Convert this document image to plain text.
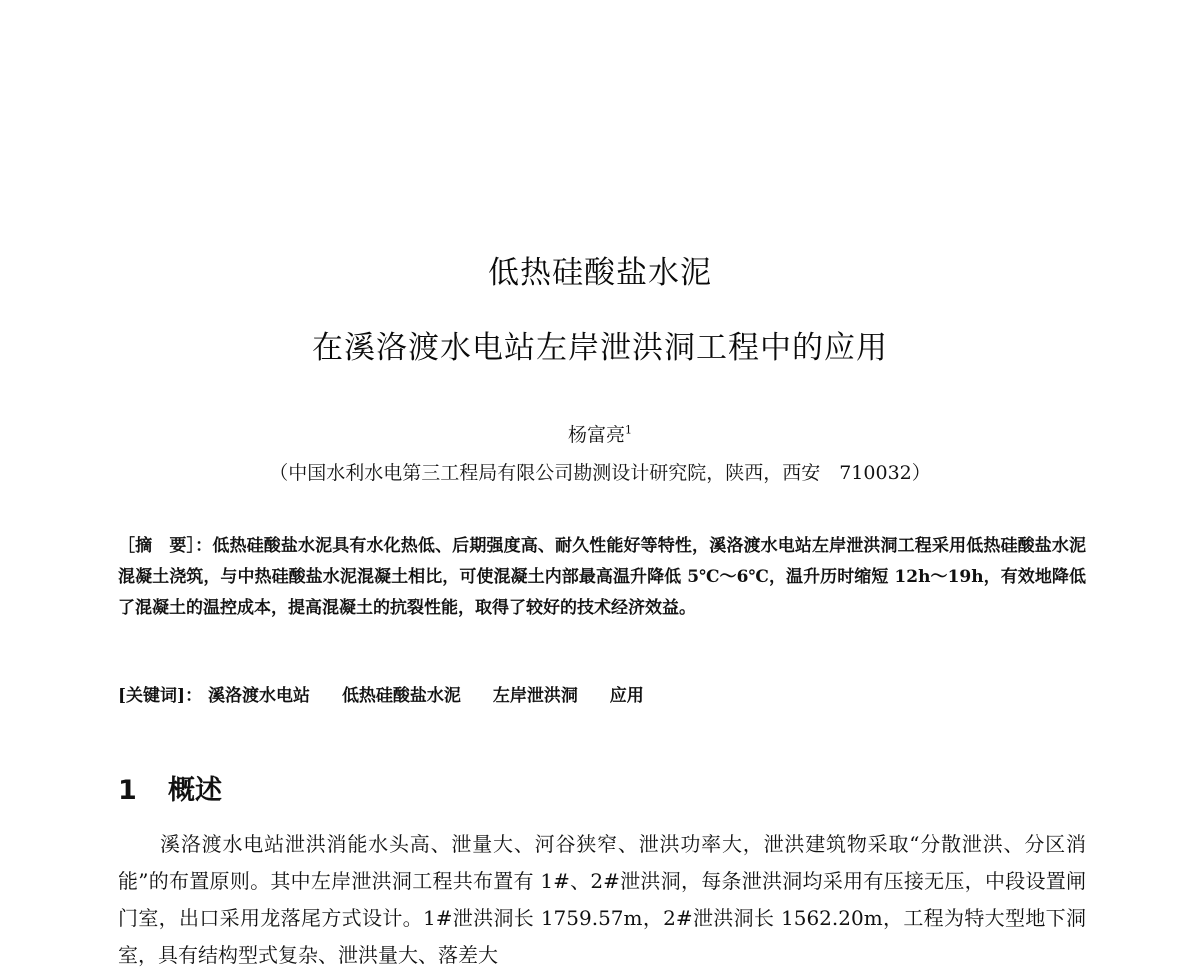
低热硅酸盐水泥
在溪洛渡水电站左岸泄洪洞工程中的应用
杨富亮$^1$
（中国水利水电第三工程局有限公司勘测设计研究院，陕西，西安　710032）
［摘　要］：低热硅酸盐水泥具有水化热低、后期强度高、耐久性能好等特性，溪洛渡水电站左岸泄洪洞工程采用低热硅酸盐水泥混凝土浇筑，与中热硅酸盐水泥混凝土相比，可使混凝土内部最高温升降低 5℃～6℃，温升历时缩短 12h～19h，有效地降低了混凝土的温控成本，提高混凝土的抗裂性能，取得了较好的技术经济效益。
[关键词]： 溪洛渡水电站 低热硅酸盐水泥 左岸泄洪洞 应用
1 概述
溪洛渡水电站泄洪消能水头高、泄量大、河谷狭窄、泄洪功率大，泄洪建筑物采取“分散泄洪、分区消能”的布置原则。其中左岸泄洪洞工程共布置有 1#、2#泄洪洞，每条泄洪洞均采用有压接无压，中段设置闸门室，出口采用龙落尾方式设计。1#泄洪洞长 1759.57m，2#泄洪洞长 1562.20m，工程为特大型地下洞室，具有结构型式复杂、泄洪量大、落差大
